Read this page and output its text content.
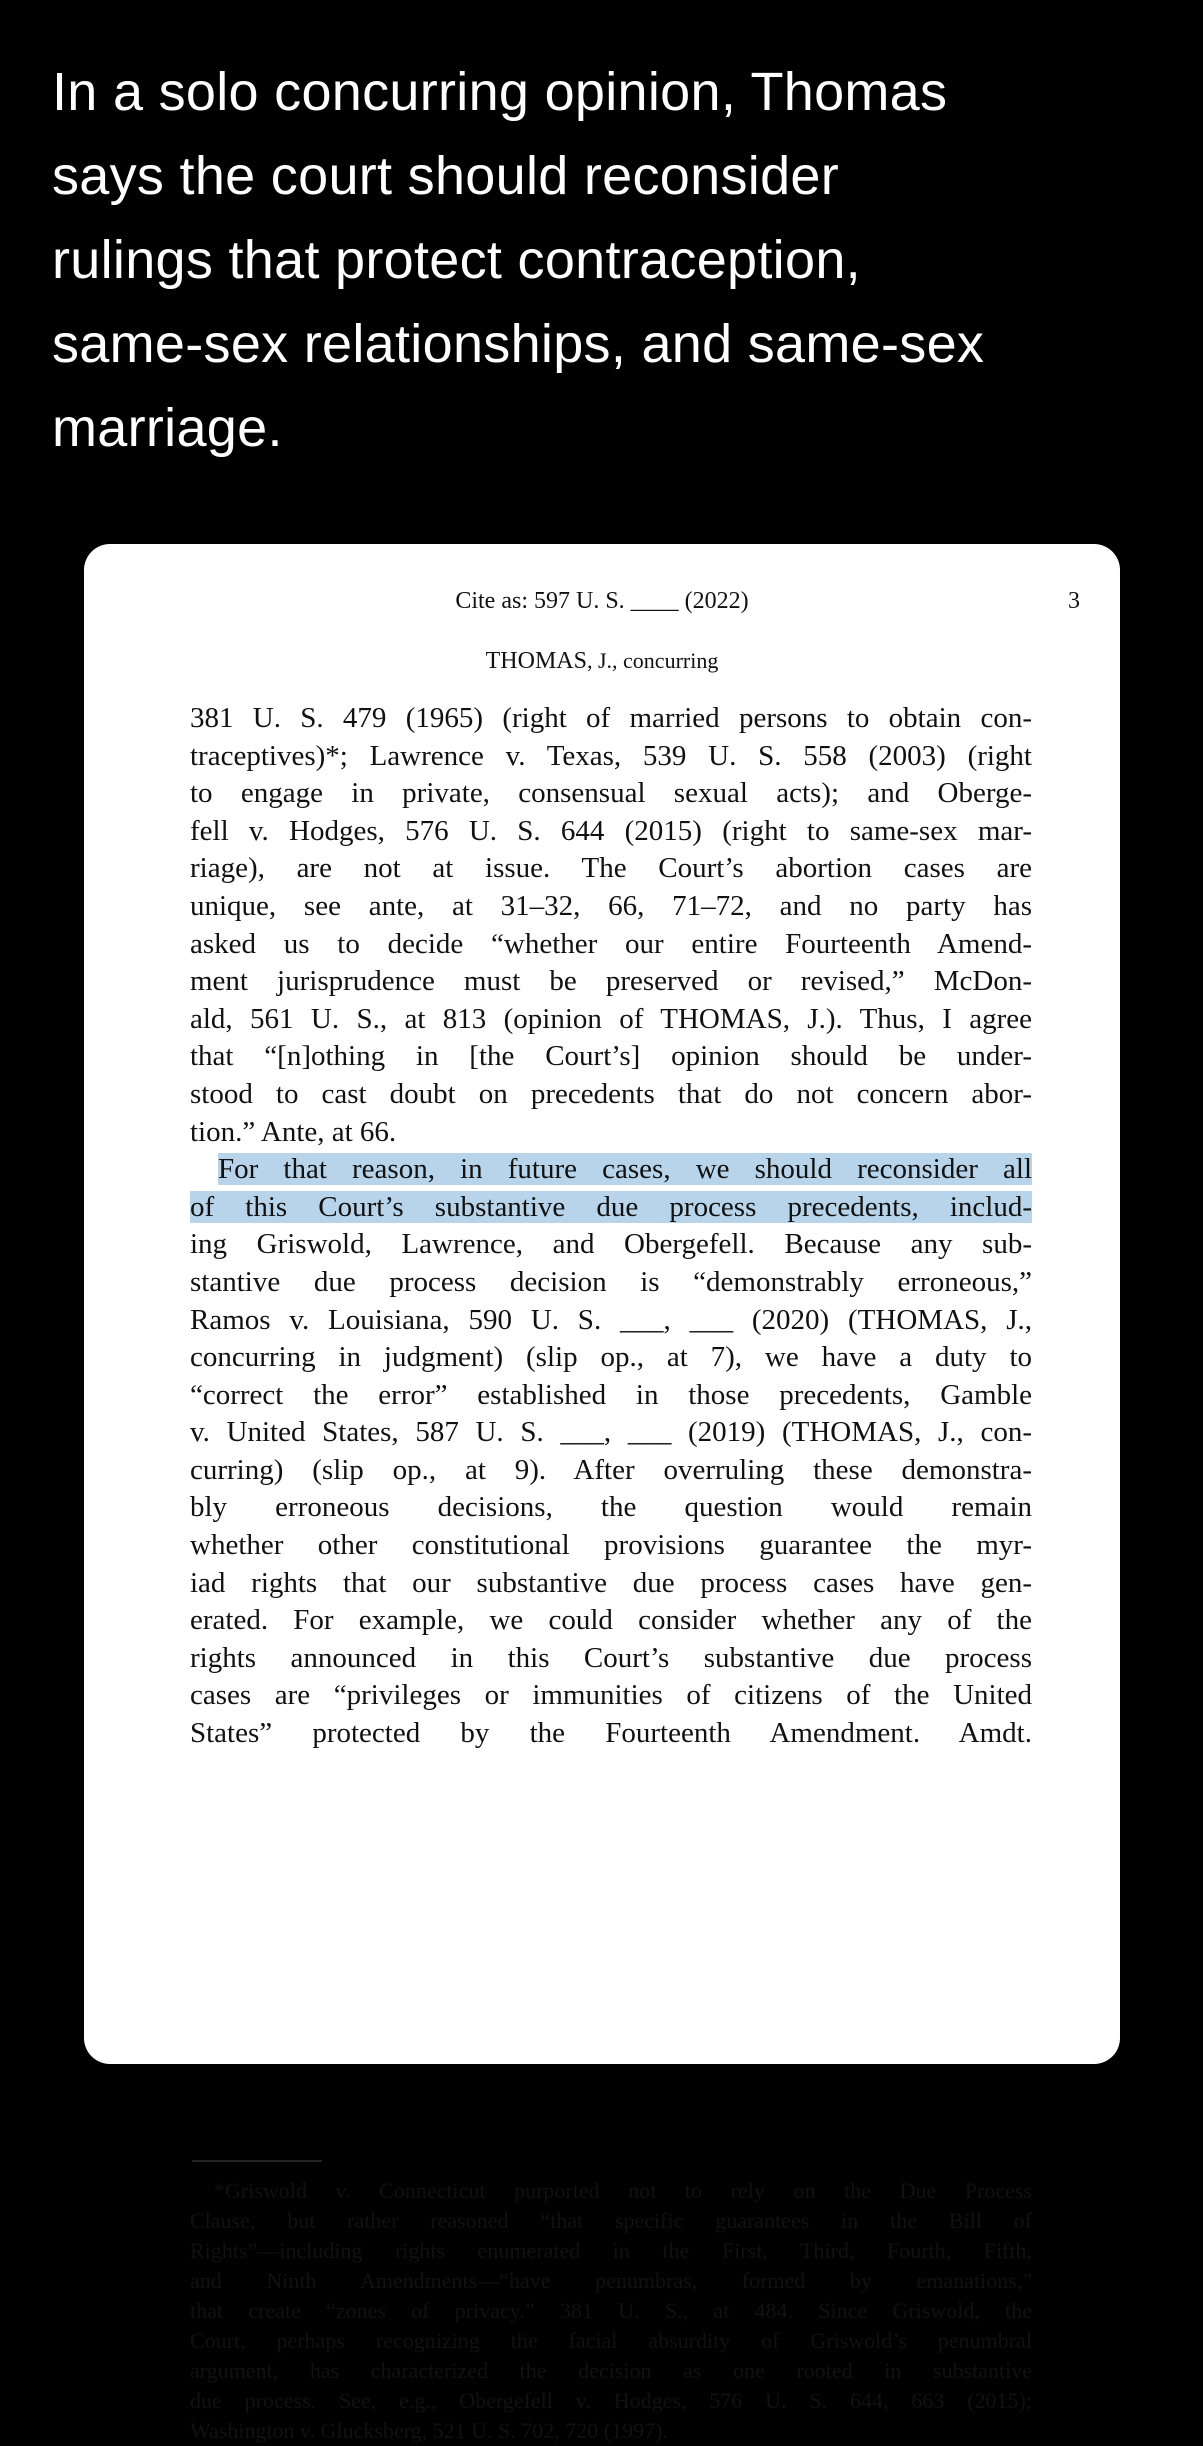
In a solo concurring opinion, Thomas
says the court should reconsider
rulings that protect contraception,
same-sex relationships, and same-sex
marriage.
Cite as: 597 U. S. ____ (2022)	3
THOMAS, J., concurring
381 U. S. 479 (1965) (right of married persons to obtain con-
traceptives)*; Lawrence v. Texas, 539 U. S. 558 (2003) (right
to engage in private, consensual sexual acts); and Oberge-
fell v. Hodges, 576 U. S. 644 (2015) (right to same-sex mar-
riage), are not at issue. The Court’s abortion cases are
unique, see ante, at 31–32, 66, 71–72, and no party has
asked us to decide “whether our entire Fourteenth Amend-
ment jurisprudence must be preserved or revised,” McDon-
ald, 561 U. S., at 813 (opinion of THOMAS, J.). Thus, I agree
that “[n]othing in [the Court’s] opinion should be under-
stood to cast doubt on precedents that do not concern abor-
tion.” Ante, at 66.
For that reason, in future cases, we should reconsider all
of this Court’s substantive due process precedents, includ-
ing Griswold, Lawrence, and Obergefell. Because any sub-
stantive due process decision is “demonstrably erroneous,”
Ramos v. Louisiana, 590 U. S. ___, ___ (2020) (THOMAS, J.,
concurring in judgment) (slip op., at 7), we have a duty to
“correct the error” established in those precedents, Gamble
v. United States, 587 U. S. ___, ___ (2019) (THOMAS, J., con-
curring) (slip op., at 9). After overruling these demonstra-
bly erroneous decisions, the question would remain
whether other constitutional provisions guarantee the myr-
iad rights that our substantive due process cases have gen-
erated. For example, we could consider whether any of the
rights announced in this Court’s substantive due process
cases are “privileges or immunities of citizens of the United
States” protected by the Fourteenth Amendment. Amdt.
*Griswold v. Connecticut purported not to rely on the Due Process
Clause, but rather reasoned “that specific guarantees in the Bill of
Rights”—including rights enumerated in the First, Third, Fourth, Fifth,
and Ninth Amendments—“have penumbras, formed by emanations,”
that create “zones of privacy.” 381 U. S., at 484. Since Griswold, the
Court, perhaps recognizing the facial absurdity of Griswold’s penumbral
argument, has characterized the decision as one rooted in substantive
due process. See, e.g., Obergefell v. Hodges, 576 U. S. 644, 663 (2015);
Washington v. Glucksberg, 521 U. S. 702, 720 (1997).
